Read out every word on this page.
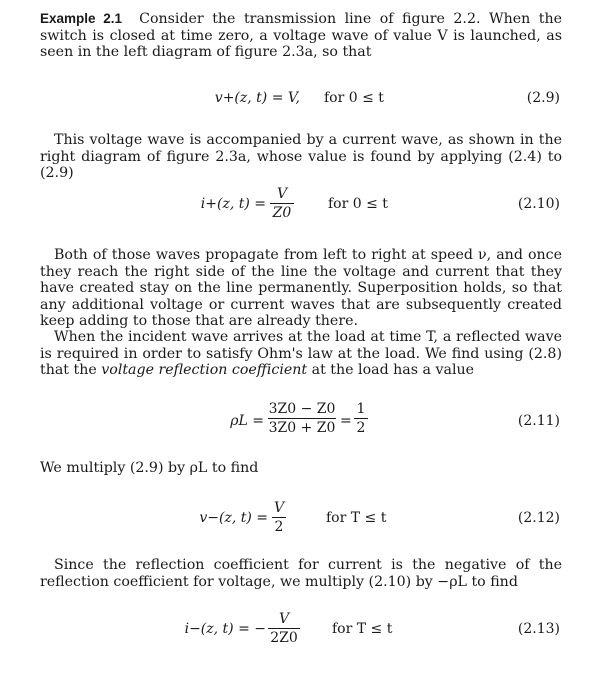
Example 2.1 Consider the transmission line of figure 2.2. When the switch is closed at time zero, a voltage wave of value V is launched, as seen in the left diagram of figure 2.3a, so that

v+(z, t) = V, for 0 ≤ t	(2.9)

This voltage wave is accompanied by a current wave, as shown in the right diagram of figure 2.3a, whose value is found by applying (2.4) to (2.9)

i+(z, $t) = \frac{V}{Z0}$ for 0 ≤ t	(2.10)

Both of those waves propagate from left to right at speed ν, and once they reach the right side of the line the voltage and current that they have created stay on the line permanently. Superposition holds, so that any additional voltage or current waves that are subsequently created keep adding to those that are already there.

When the incident wave arrives at the load at time T, a reflected wave is required in order to satisfy Ohm's law at the load. We find using (2.8) that the voltage reflection coefficient at the load has a value

$\rho L = \frac{3Z0 - Z0}{3Z0 + Z0} = \frac{1}{2}$	(2.11)

We multiply (2.9) by ρL to find

v−(z, $t) = \frac{V}{2}$	for T ≤ t	(2.12)

Since the reflection coefficient for current is the negative of the reflection coefficient for voltage, we multiply (2.10) by −ρL to find

i−(z, t) = − $\frac{V}{2Z0}$ for T ≤ t	(2.13)
